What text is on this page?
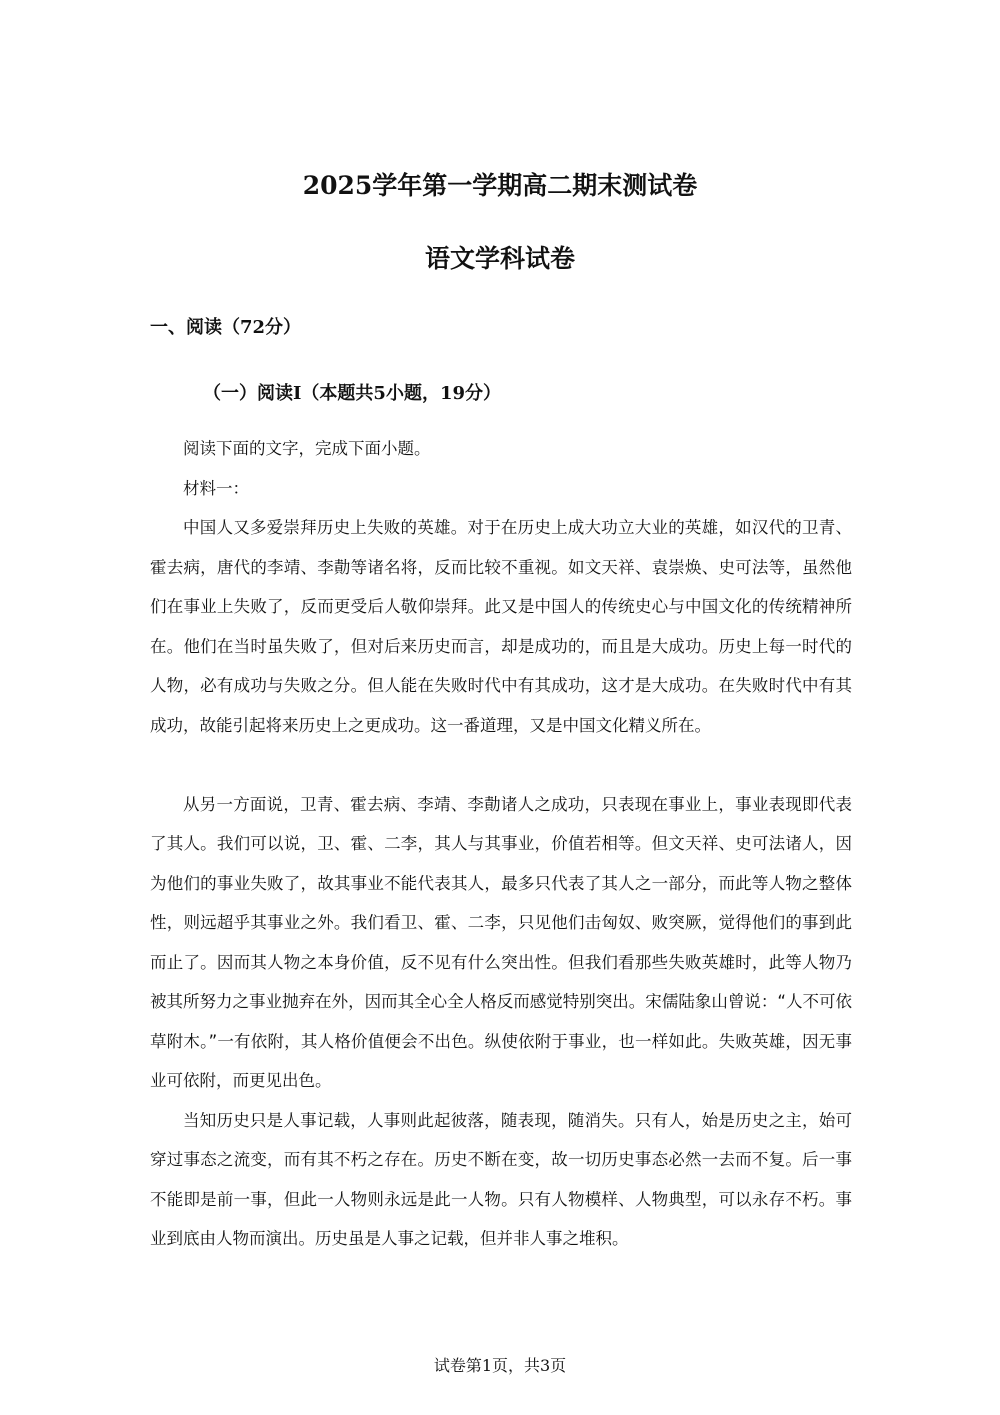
2025学年第一学期高二期末测试卷
语文学科试卷
一、阅读（72分）
（一）阅读Ⅰ（本题共5小题，19分）

阅读下面的文字，完成下面小题。

材料一：

中国人又多爱崇拜历史上失败的英雄。对于在历史上成大功立大业的英雄，如汉代的卫青、霍去病，唐代的李靖、李勣等诸名将，反而比较不重视。如文天祥、袁崇焕、史可法等，虽然他们在事业上失败了，反而更受后人敬仰崇拜。此又是中国人的传统史心与中国文化的传统精神所在。他们在当时虽失败了，但对后来历史而言，却是成功的，而且是大成功。历史上每一时代的人物，必有成功与失败之分。但人能在失败时代中有其成功，这才是大成功。在失败时代中有其成功，故能引起将来历史上之更成功。这一番道理，又是中国文化精义所在。

从另一方面说，卫青、霍去病、李靖、李勣诸人之成功，只表现在事业上，事业表现即代表了其人。我们可以说，卫、霍、二李，其人与其事业，价值若相等。但文天祥、史可法诸人，因为他们的事业失败了，故其事业不能代表其人，最多只代表了其人之一部分，而此等人物之整体性，则远超乎其事业之外。我们看卫、霍、二李，只见他们击匈奴、败突厥，觉得他们的事到此而止了。因而其人物之本身价值，反不见有什么突出性。但我们看那些失败英雄时，此等人物乃被其所努力之事业抛弃在外，因而其全心全人格反而感觉特别突出。宋儒陆象山曾说：“人不可依草附木。”一有依附，其人格价值便会不出色。纵使依附于事业，也一样如此。失败英雄，因无事业可依附，而更见出色。

当知历史只是人事记载，人事则此起彼落，随表现，随消失。只有人，始是历史之主，始可穿过事态之流变，而有其不朽之存在。历史不断在变，故一切历史事态必然一去而不复。后一事不能即是前一事，但此一人物则永远是此一人物。只有人物模样、人物典型，可以永存不朽。事业到底由人物而演出。历史虽是人事之记载，但并非人事之堆积。

试卷第1页，共3页
